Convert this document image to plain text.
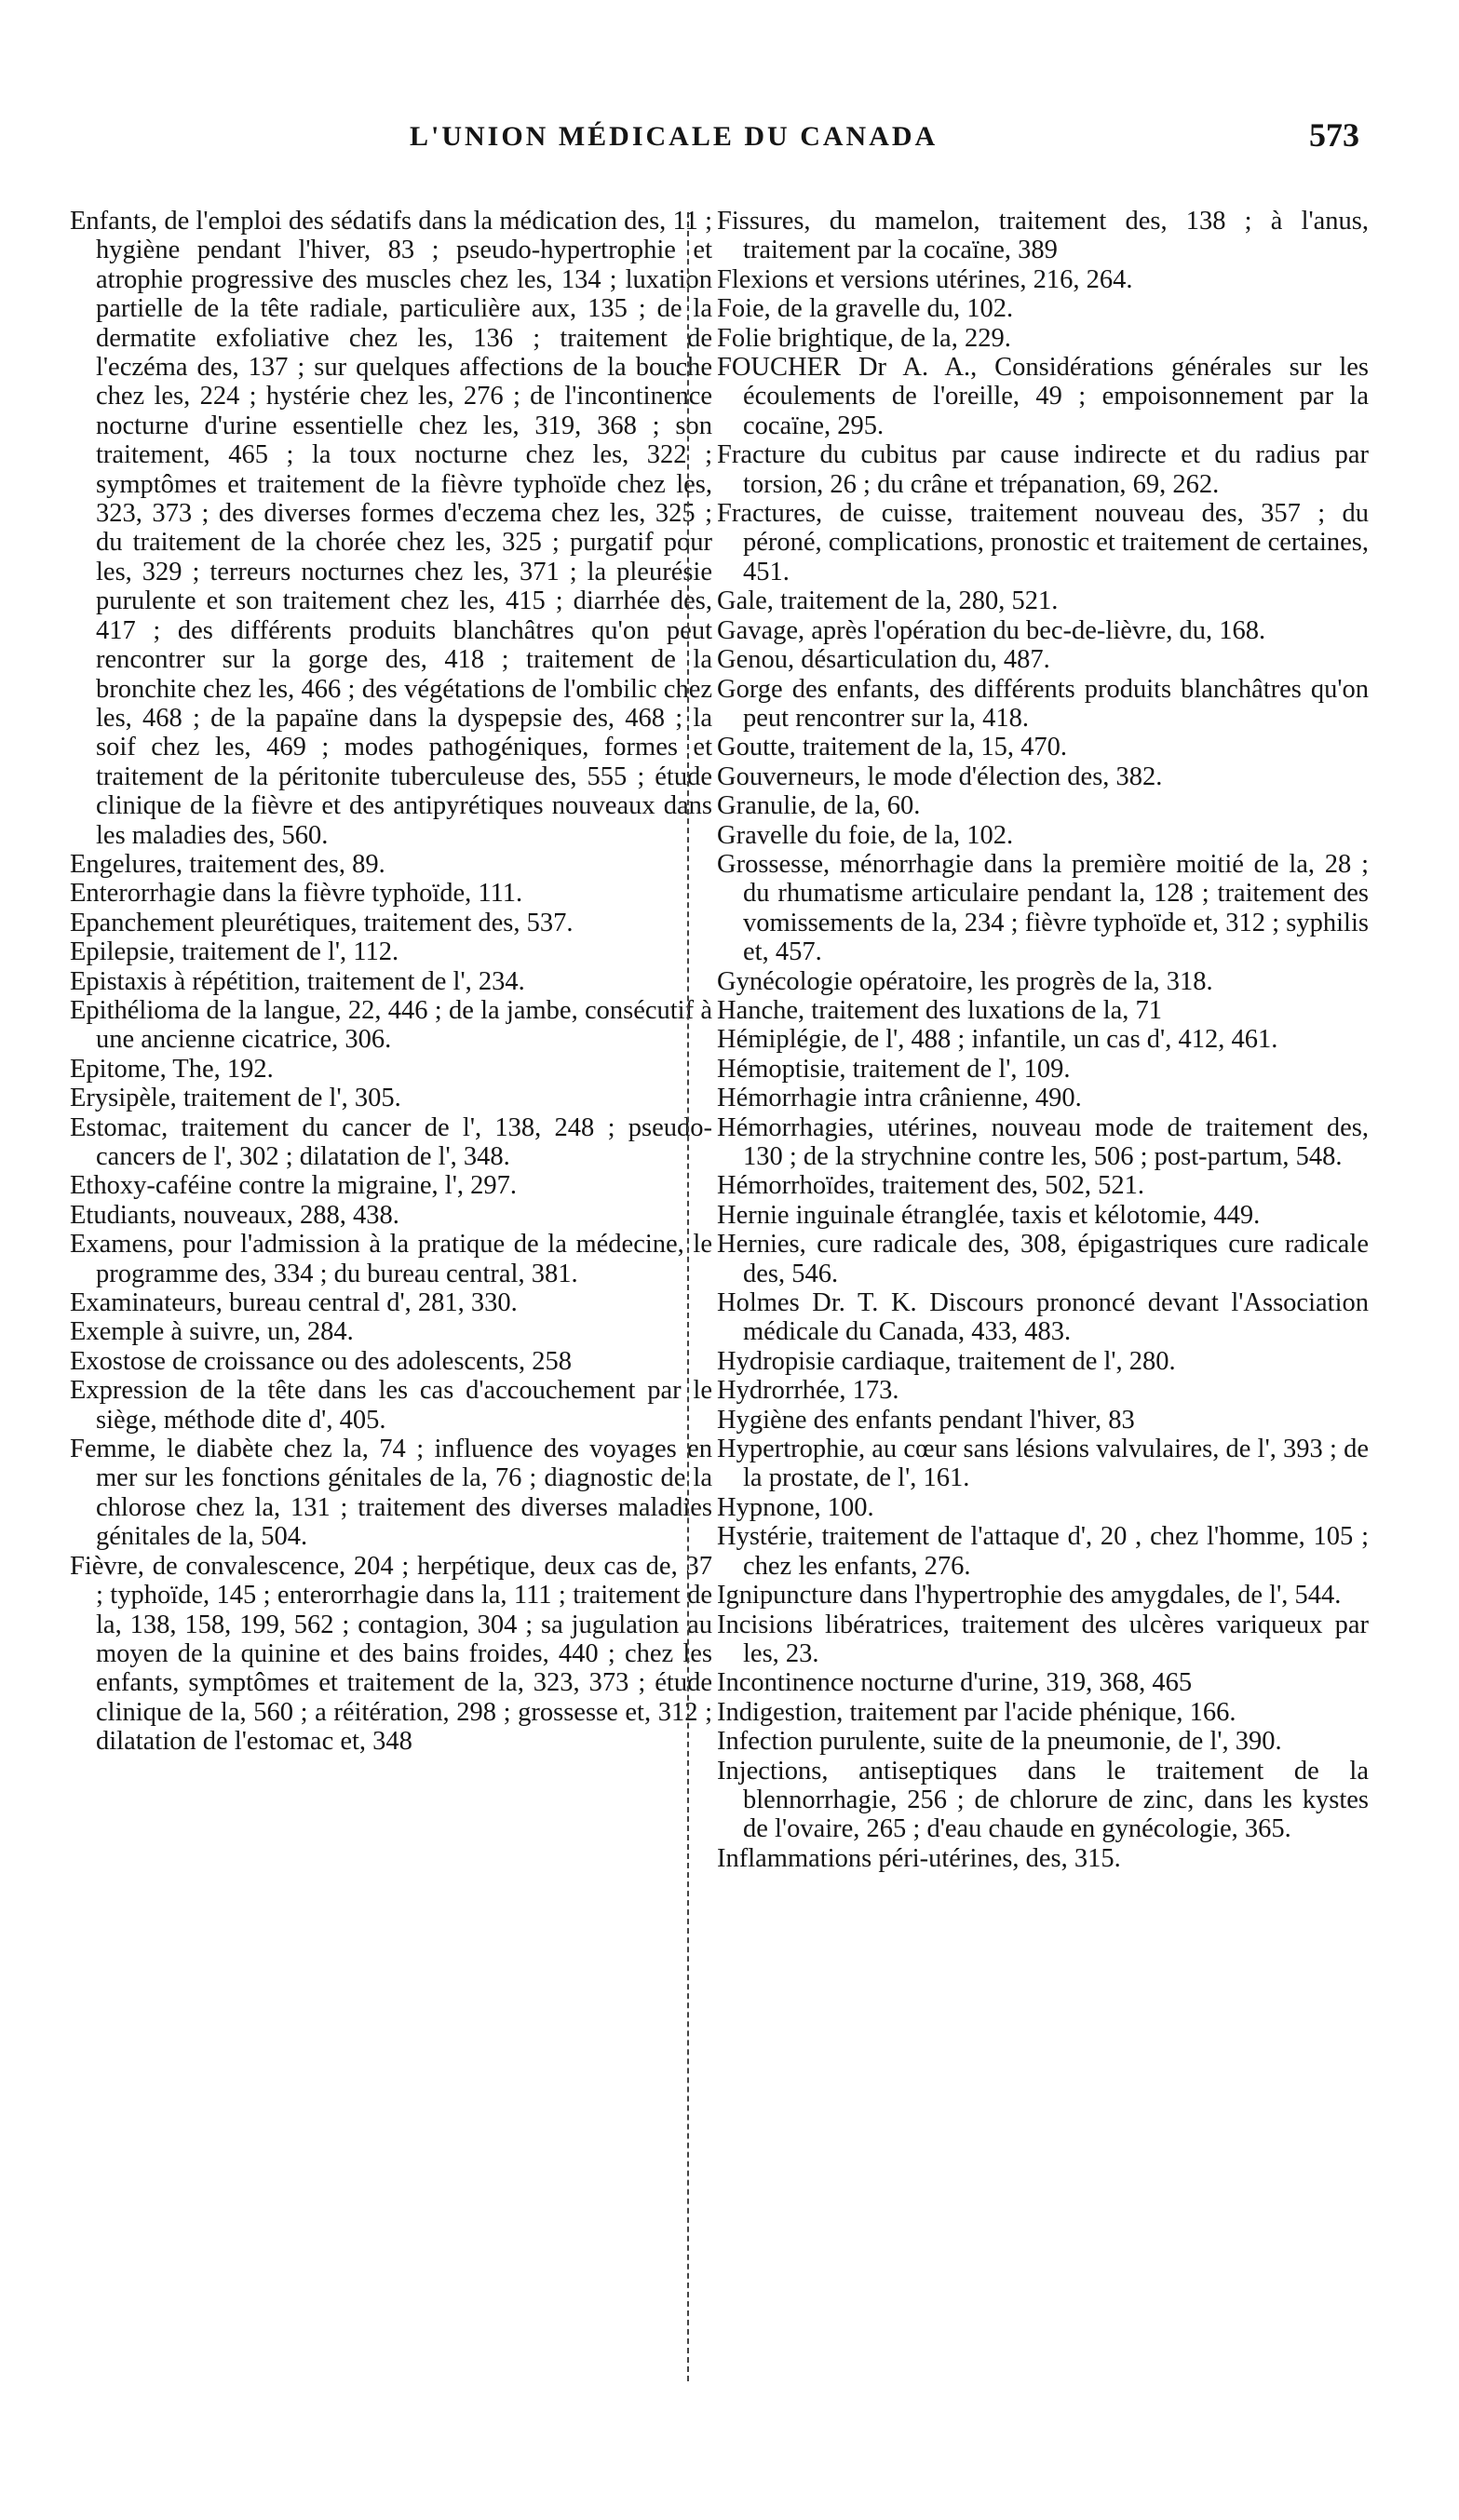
L'UNION MÉDICALE DU CANADA	573

Enfants, de l'emploi des sédatifs dans la médication des, 11 ; hygiène pendant l'hiver, 83 ; pseudo-hypertrophie et atrophie progressive des muscles chez les, 134 ; luxation partielle de la tête radiale, particulière aux, 135 ; de la dermatite exfoliative chez les, 136 ; traitement de l'eczéma des, 137 ; sur quelques affections de la bouche chez les, 224 ; hystérie chez les, 276 ; de l'incontinence nocturne d'urine essentielle chez les, 319, 368 ; son traitement, 465 ; la toux nocturne chez les, 322 ; symptômes et traitement de la fièvre typhoïde chez les, 323, 373 ; des diverses formes d'eczema chez les, 325 ; du traitement de la chorée chez les, 325 ; purgatif pour les, 329 ; terreurs nocturnes chez les, 371 ; la pleurésie purulente et son traitement chez les, 415 ; diarrhée des, 417 ; des différents produits blanchâtres qu'on peut rencontrer sur la gorge des, 418 ; traitement de la bronchite chez les, 466 ; des végétations de l'ombilic chez les, 468 ; de la papaïne dans la dyspepsie des, 468 ; la soif chez les, 469 ; modes pathogéniques, formes et traitement de la péritonite tuberculeuse des, 555 ; étude clinique de la fièvre et des antipyrétiques nouveaux dans les maladies des, 560.

Engelures, traitement des, 89.

Enterorrhagie dans la fièvre typhoïde, 111.

Epanchement pleurétiques, traitement des, 537.

Epilepsie, traitement de l', 112.

Epistaxis à répétition, traitement de l', 234.

Epithélioma de la langue, 22, 446 ; de la jambe, consécutif à une ancienne cicatrice, 306.

Epitome, The, 192.

Erysipèle, traitement de l', 305.

Estomac, traitement du cancer de l', 138, 248 ; pseudo-cancers de l', 302 ; dilatation de l', 348.

Ethoxy-caféine contre la migraine, l', 297.

Etudiants, nouveaux, 288, 438.

Examens, pour l'admission à la pratique de la médecine, le programme des, 334 ; du bureau central, 381.

Examinateurs, bureau central d', 281, 330.

Exemple à suivre, un, 284.

Exostose de croissance ou des adolescents, 258

Expression de la tête dans les cas d'accouchement par le siège, méthode dite d', 405.

Femme, le diabète chez la, 74 ; influence des voyages en mer sur les fonctions génitales de la, 76 ; diagnostic de la chlorose chez la, 131 ; traitement des diverses maladies génitales de la, 504.

Fièvre, de convalescence, 204 ; herpétique, deux cas de, 37 ; typhoïde, 145 ; enterorrhagie dans la, 111 ; traitement de la, 138, 158, 199, 562 ; contagion, 304 ; sa jugulation au moyen de la quinine et des bains froides, 440 ; chez les enfants, symptômes et traitement de la, 323, 373 ; étude clinique de la, 560 ; a réitération, 298 ; grossesse et, 312 ; dilatation de l'estomac et, 348

Fissures, du mamelon, traitement des, 138 ; à l'anus, traitement par la cocaïne, 389

Flexions et versions utérines, 216, 264.

Foie, de la gravelle du, 102.

Folie brightique, de la, 229.

FOUCHER Dr A. A., Considérations générales sur les écoulements de l'oreille, 49 ; empoisonnement par la cocaïne, 295.

Fracture du cubitus par cause indirecte et du radius par torsion, 26 ; du crâne et trépanation, 69, 262.

Fractures, de cuisse, traitement nouveau des, 357 ; du péroné, complications, pronostic et traitement de certaines, 451.

Gale, traitement de la, 280, 521.

Gavage, après l'opération du bec-de-lièvre, du, 168.

Genou, désarticulation du, 487.

Gorge des enfants, des différents produits blanchâtres qu'on peut rencontrer sur la, 418.

Goutte, traitement de la, 15, 470.

Gouverneurs, le mode d'élection des, 382.

Granulie, de la, 60.

Gravelle du foie, de la, 102.

Grossesse, ménorrhagie dans la première moitié de la, 28 ; du rhumatisme articulaire pendant la, 128 ; traitement des vomissements de la, 234 ; fièvre typhoïde et, 312 ; syphilis et, 457.

Gynécologie opératoire, les progrès de la, 318.

Hanche, traitement des luxations de la, 71

Hémiplégie, de l', 488 ; infantile, un cas d', 412, 461.

Hémoptisie, traitement de l', 109.

Hémorrhagie intra crânienne, 490.

Hémorrhagies, utérines, nouveau mode de traitement des, 130 ; de la strychnine contre les, 506 ; post-partum, 548.

Hémorrhoïdes, traitement des, 502, 521.

Hernie inguinale étranglée, taxis et kélotomie, 449.

Hernies, cure radicale des, 308, épigastriques cure radicale des, 546.

Holmes Dr. T. K. Discours prononcé devant l'Association médicale du Canada, 433, 483.

Hydropisie cardiaque, traitement de l', 280.

Hydrorrhée, 173.

Hygiène des enfants pendant l'hiver, 83

Hypertrophie, au cœur sans lésions valvulaires, de l', 393 ; de la prostate, de l', 161.

Hypnone, 100.

Hystérie, traitement de l'attaque d', 20 , chez l'homme, 105 ; chez les enfants, 276.

Ignipuncture dans l'hypertrophie des amygdales, de l', 544.

Incisions libératrices, traitement des ulcères variqueux par les, 23.

Incontinence nocturne d'urine, 319, 368, 465

Indigestion, traitement par l'acide phénique, 166.

Infection purulente, suite de la pneumonie, de l', 390.

Injections, antiseptiques dans le traitement de la blennorrhagie, 256 ; de chlorure de zinc, dans les kystes de l'ovaire, 265 ; d'eau chaude en gynécologie, 365.

Inflammations péri-utérines, des, 315.
